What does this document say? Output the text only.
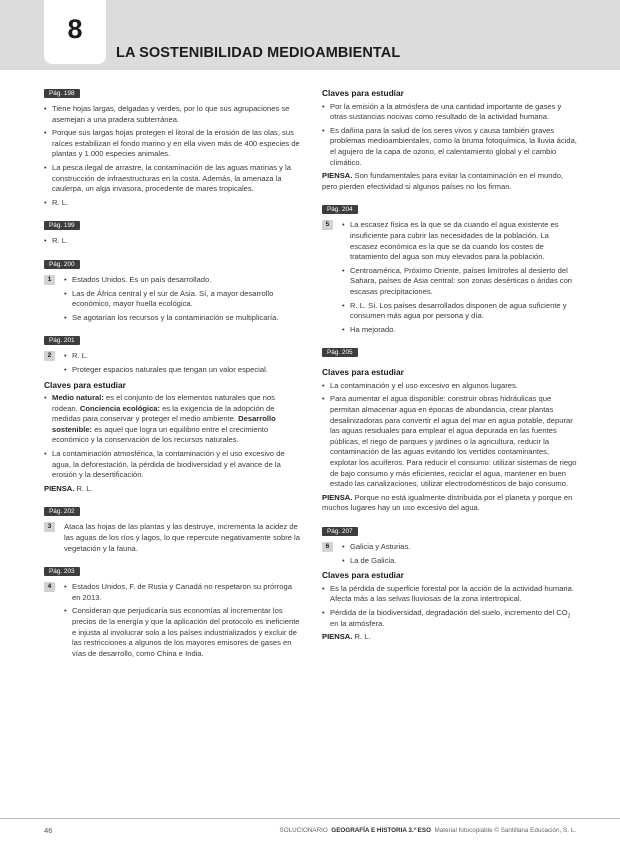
8
LA SOSTENIBILIDAD MEDIOAMBIENTAL
Pág. 198
• Tiene hojas largas, delgadas y verdes, por lo que sus agrupaciones se asemejan a una pradera subterránea.
• Porque sus largas hojas protegen el litoral de la erosión de las olas, sus raíces estabilizan el fondo marino y en ella viven más de 400 especies de plantas y 1.000 especies animales.
• La pesca ilegal de arrastre, la contaminación de las aguas marinas y la construcción de infraestructuras en la costa. Además, la amenaza la caulerpa, un alga invasora, procedente de mares tropicales.
• R. L.
Pág. 199
• R. L.
Pág. 200
1	• Estados Unidos. Es un país desarrollado.
• Las de África central y el sur de Asia. Sí, a mayor desarrollo económico, mayor huella ecológica.
• Se agotarían los recursos y la contaminación se multiplicaría.
Pág. 201
2	• R. L.
• Proteger espacios naturales que tengan un valor especial.
Claves para estudiar
• Medio natural: es el conjunto de los elementos naturales que nos rodean. Conciencia ecológica: es la exigencia de la adopción de medidas para conservar y proteger el medio ambiente. Desarrollo sostenible: es aquel que logra un equilibrio entre el crecimiento económico y la conservación de los recursos naturales.
• La contaminación atmosférica, la contaminación y el uso excesivo de agua, la deforestación, la pérdida de biodiversidad y el avance de la erosión y la desertificación.

PIENSA. R. L.

Pág. 202
3	Ataca las hojas de las plantas y las destruye, incrementa la acidez de las aguas de los ríos y lagos, lo que repercute negativamente sobre la vegetación y la fauna.

Pág. 203
4	• Estados Unidos, F. de Rusia y Canadá no respetaron su prórroga en 2013.
• Consideran que perjudicaría sus economías al incrementar los precios de la energía y que la aplicación del protocolo es ineficiente e injusta al involucrar solo a los países industrializados y excluir de las restricciones a algunos de los mayores emisores de gases en vías de desarrollo, como China e India.
Claves para estudiar
• Por la emisión a la atmósfera de una cantidad importante de gases y otras sustancias nocivas como resultado de la actividad humana.
• Es dañina para la salud de los seres vivos y causa también graves problemas medioambientales, como la bruma fotoquímica, la lluvia ácida, el agujero de la capa de ozono, el calentamiento global y el cambio climático.

PIENSA. Son fundamentales para evitar la contaminación en el mundo, pero pierden efectividad si algunos países no los firman.

Pág. 204
5	• La escasez física es la que se da cuando el agua existente es insuficiente para cubrir las necesidades de la población. La escasez económica es la que se da cuando los costes de tratamiento del agua son muy elevados para la población.
• Centroamérica, Próximo Oriente, países limítrofes al desierto del Sahara, países de Asia central: son zonas desérticas o áridas con escasas precipitaciones.
• R. L. Sí. Los países desarrollados disponen de agua suficiente y consumen más agua por persona y día.
• Ha mejorado.
Pág. 205
Claves para estudiar
• La contaminación y el uso excesivo en algunos lugares.
• Para aumentar el agua disponible: construir obras hidráulicas que permitan almacenar agua en épocas de abundancia, crear plantas desalinizadoras para convertir el agua del mar en agua potable, depurar las aguas residuales para emplear el agua depurada en las fuentes públicas, el riego de parques y jardines o la agricultura, reducir la contaminación de las aguas evitando los vertidos contaminantes, explotar los acuíferos. Para reducir el consumo: utilizar sistemas de riego de bajo consumo y más eficientes, reciclar el agua, mantener en buen estado las canalizaciones, utilizar electrodomésticos de bajo consumo.

PIENSA. Porque no está igualmente distribuida por el planeta y porque en muchos lugares hay un uso excesivo del agua.

Pág. 207
6	• Galicia y Asturias.
• La de Galicia.
Claves para estudiar
• Es la pérdida de superficie forestal por la acción de la actividad humana. Afecta más a las selvas lluviosas de la zona intertropical.
• Pérdida de la biodiversidad, degradación del suelo, incremento del $CO_2$ en la atmósfera.

PIENSA. R. L.

46	SOLUCIONARIO GEOGRAFÍA E HISTORIA 3.º ESO Material fotocopiable © Santillana Educación, S. L.
